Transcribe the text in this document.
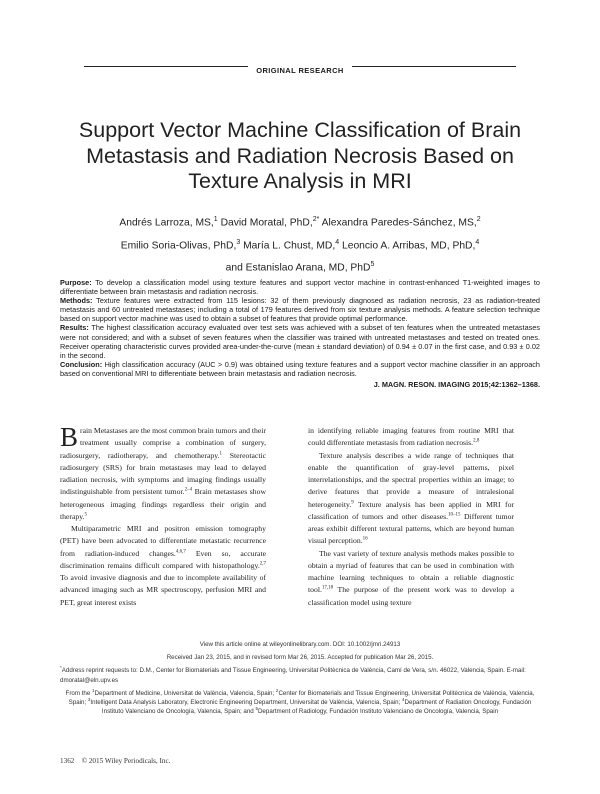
ORIGINAL RESEARCH
Support Vector Machine Classification of Brain Metastasis and Radiation Necrosis Based on Texture Analysis in MRI
Andrés Larroza, MS,$^1$ David Moratal, PhD,$^{2*}$ Alexandra Paredes-Sánchez, MS,$^2$
Emilio Soria-Olivas, PhD,$^3$ María L. Chust, MD,$^4$ Leoncio A. Arribas, MD, PhD,$^4$
and Estanislao Arana, MD, PhD$^5$

Purpose: To develop a classification model using texture features and support vector machine in contrast-enhanced T1-weighted images to differentiate between brain metastasis and radiation necrosis.

Methods: Texture features were extracted from 115 lesions: 32 of them previously diagnosed as radiation necrosis, 23 as radiation-treated metastasis and 60 untreated metastases; including a total of 179 features derived from six texture analysis methods. A feature selection technique based on support vector machine was used to obtain a subset of features that provide optimal performance.

Results: The highest classification accuracy evaluated over test sets was achieved with a subset of ten features when the untreated metastases were not considered; and with a subset of seven features when the classifier was trained with untreated metastases and tested on treated ones. Receiver operating characteristic curves provided area-under-the-curve (mean ± standard deviation) of 0.94 ± 0.07 in the first case, and 0.93 ± 0.02 in the second.

Conclusion: High classification accuracy (AUC > 0.9) was obtained using texture features and a support vector machine classifier in an approach based on conventional MRI to differentiate between brain metastasis and radiation necrosis.

J. MAGN. RESON. IMAGING 2015;42:1362–1368.

Brain Metastases are the most common brain tumors and their treatment usually comprise a combination of surgery, radiosurgery, radiotherapy, and chemotherapy.$^1$ Stereotactic radiosurgery (SRS) for brain metastases may lead to delayed radiation necrosis, with symptoms and imaging findings usually indistinguishable from persistent tumor.$^{2-4}$ Brain metastases show heterogeneous imaging findings regardless their origin and therapy.$^5$

Multiparametric MRI and positron emission tomography (PET) have been advocated to differentiate metastatic recurrence from radiation-induced changes.$^{4,6,7}$ Even so, accurate discrimination remains difficult compared with histopathology.$^{2,7}$ To avoid invasive diagnosis and due to incomplete availability of advanced imaging such as MR spectroscopy, perfusion MRI and PET, great interest exists

in identifying reliable imaging features from routine MRI that could differentiate metastasis from radiation necrosis.$^{2,8}$

Texture analysis describes a wide range of techniques that enable the quantification of gray-level patterns, pixel interrelationships, and the spectral properties within an image; to derive features that provide a measure of intralesional heterogeneity.$^9$ Texture analysis has been applied in MRI for classification of tumors and other diseases.$^{10-15}$ Different tumor areas exhibit different textural patterns, which are beyond human visual perception.$^{16}$

The vast variety of texture analysis methods makes possible to obtain a myriad of features that can be used in combination with machine learning techniques to obtain a reliable diagnostic tool.$^{17,18}$ The purpose of the present work was to develop a classification model using texture

View this article online at wileyonlinelibrary.com. DOI: 10.1002/jmri.24913

Received Jan 23, 2015, and in revised form Mar 26, 2015. Accepted for publication Mar 26, 2015.

*Address reprint requests to: D.M., Center for Biomaterials and Tissue Engineering, Universitat Politècnica de València, Camí de Vera, s/n. 46022, Valencia, Spain. E-mail: dmoratal@eln.upv.es

From the $^1$Department of Medicine, Universitat de València, Valencia, Spain; $^2$Center for Biomaterials and Tissue Engineering, Universitat Politècnica de València, Valencia, Spain; $^3$Intelligent Data Analysis Laboratory, Electronic Engineering Department, Universitat de València, Valencia, Spain; $^4$Department of Radiation Oncology, Fundación Instituto Valenciano de Oncología, Valencia, Spain; and $^5$Department of Radiology, Fundación Instituto Valenciano de Oncología, Valencia, Spain

1362 © 2015 Wiley Periodicals, Inc.
